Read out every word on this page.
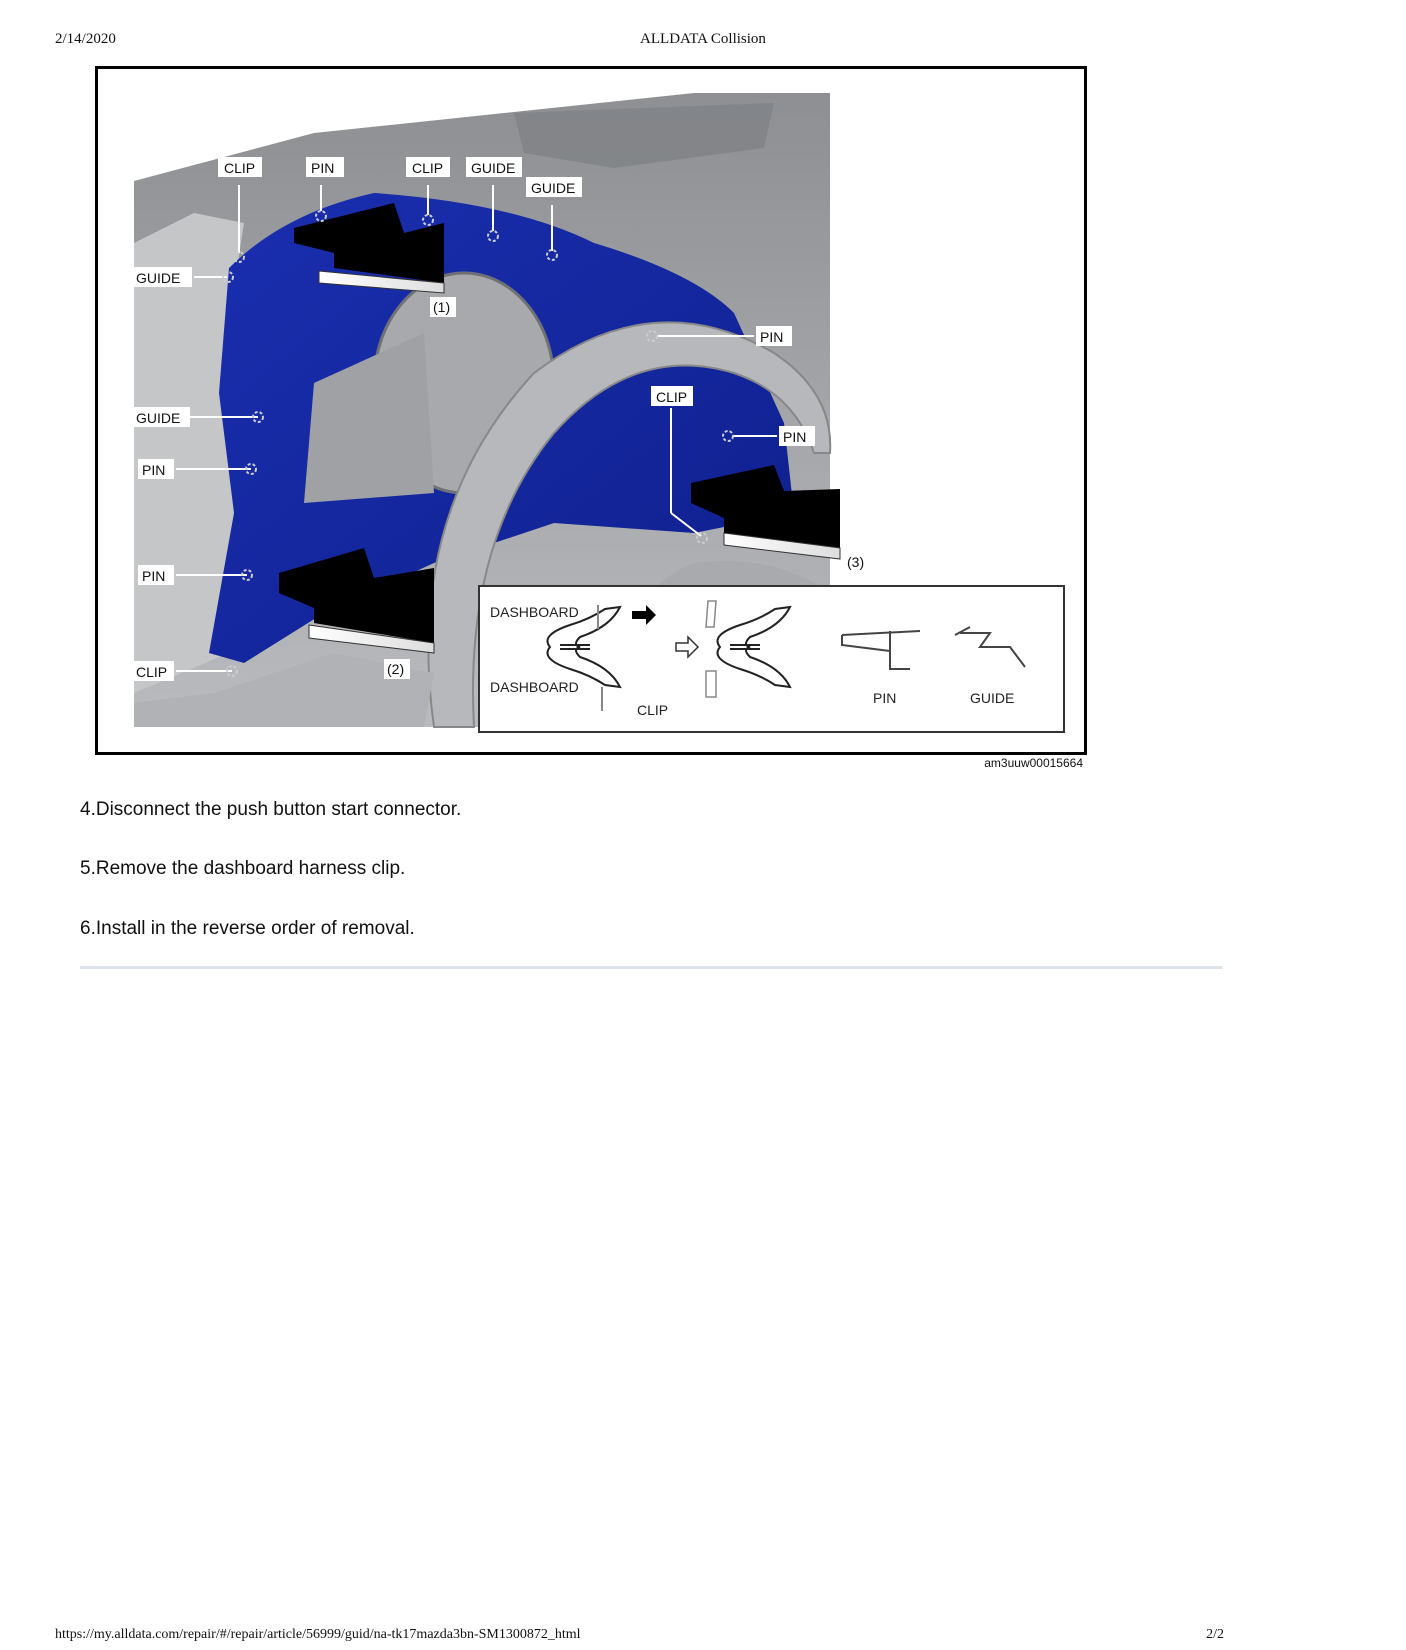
2/14/2020	ALLDATA Collision
CLIP	PIN	CLIP GUIDE
GUIDE
GUIDE
GUIDE
PIN
PIN
CLIP
PIN
CLIP
PIN
(1)
(2)
(3)
DASHBOARD
DASHBOARD
CLIP
PIN	GUIDE
am3uuw00015664
4.Disconnect the push button start connector.
5.Remove the dashboard harness clip.
6.Install in the reverse order of removal.
https://my.alldata.com/repair/#/repair/article/56999/guid/na-tk17mazda3bn-SM1300872_html	2/2
